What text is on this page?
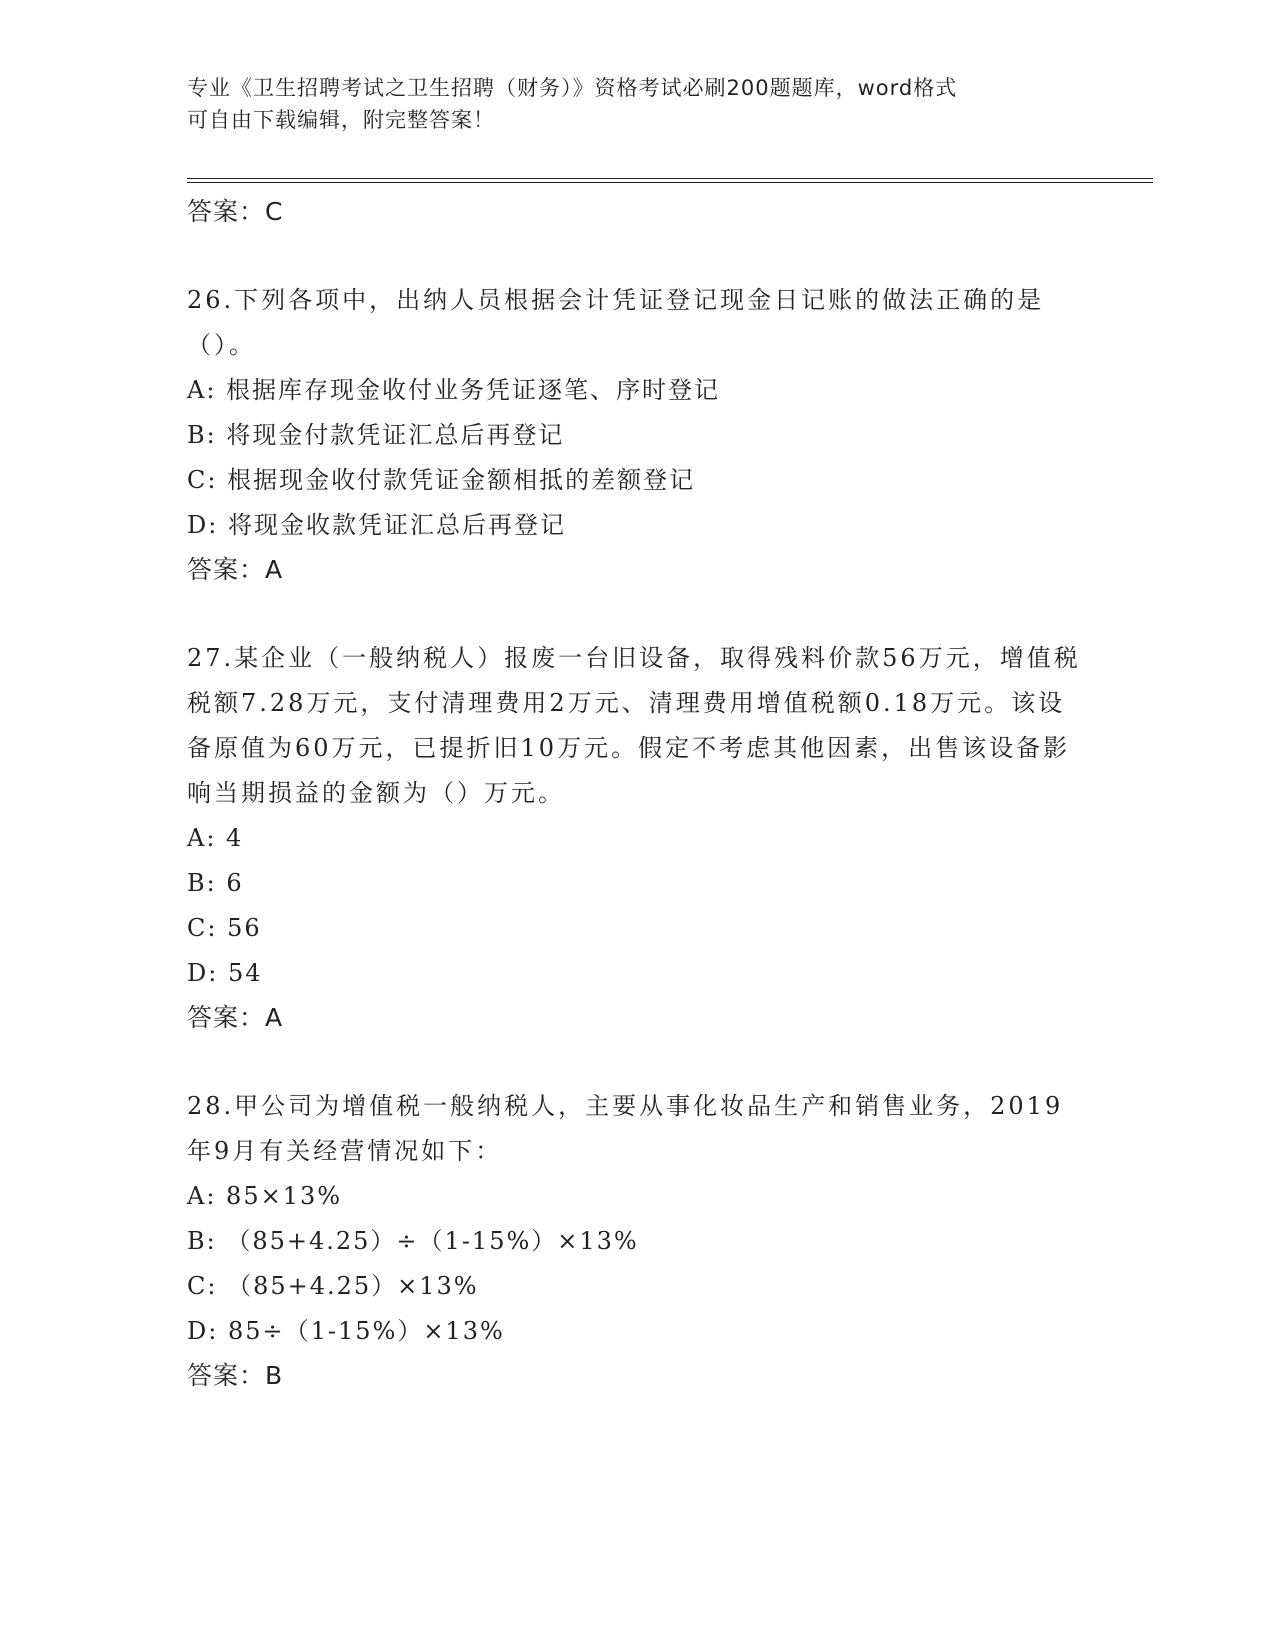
专业《卫生招聘考试之卫生招聘（财务）》资格考试必刷200题题库，word格式
可自由下载编辑，附完整答案！
答案：C
26.下列各项中，出纳人员根据会计凭证登记现金日记账的做法正确的是（）。
A: 根据库存现金收付业务凭证逐笔、序时登记
B: 将现金付款凭证汇总后再登记
C: 根据现金收付款凭证金额相抵的差额登记
D: 将现金收款凭证汇总后再登记
答案：A
27.某企业（一般纳税人）报废一台旧设备，取得残料价款56万元，增值税税额7.28万元，支付清理费用2万元、清理费用增值税额0.18万元。该设备原值为60万元，已提折旧10万元。假定不考虑其他因素，出售该设备影响当期损益的金额为（）万元。
A: 4
B: 6
C: 56
D: 54
答案：A
28.甲公司为增值税一般纳税人，主要从事化妆品生产和销售业务，2019年9月有关经营情况如下：
A: 85×13%
B: （85+4.25）÷（1-15%）×13%
C: （85+4.25）×13%
D: 85÷（1-15%）×13%
答案：B
